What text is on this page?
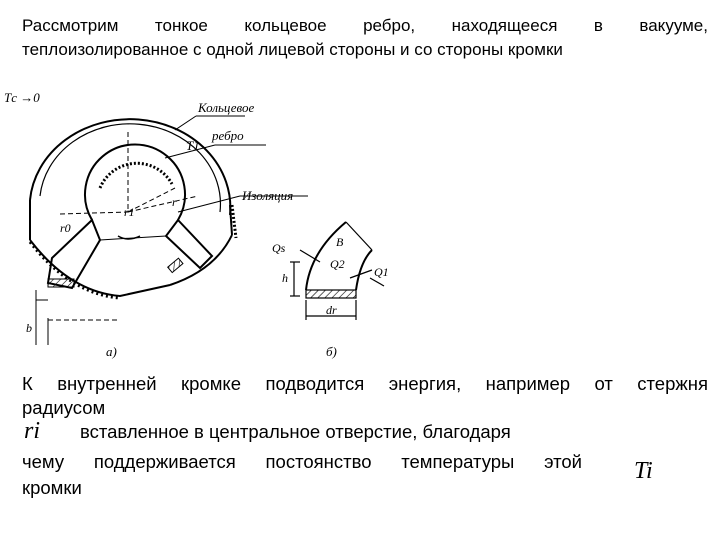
Рассмотрим тонкое кольцевое ребро, находящееся в вакууме,
теплоизолированное с одной лицевой стороны и со стороны кромки
Tс →0
Кольцевое
ребро
T1
Изоляция
r
r1
r0
b
а)
Qs	B
h
Q2
Q1
dr
б)
К внутренней кромке подводится энергия, например от стержня
радиусом
вставленное в центральное отверстие, благодаря
чему поддерживается постоянство температуры этой
кромки
ri
Ti
